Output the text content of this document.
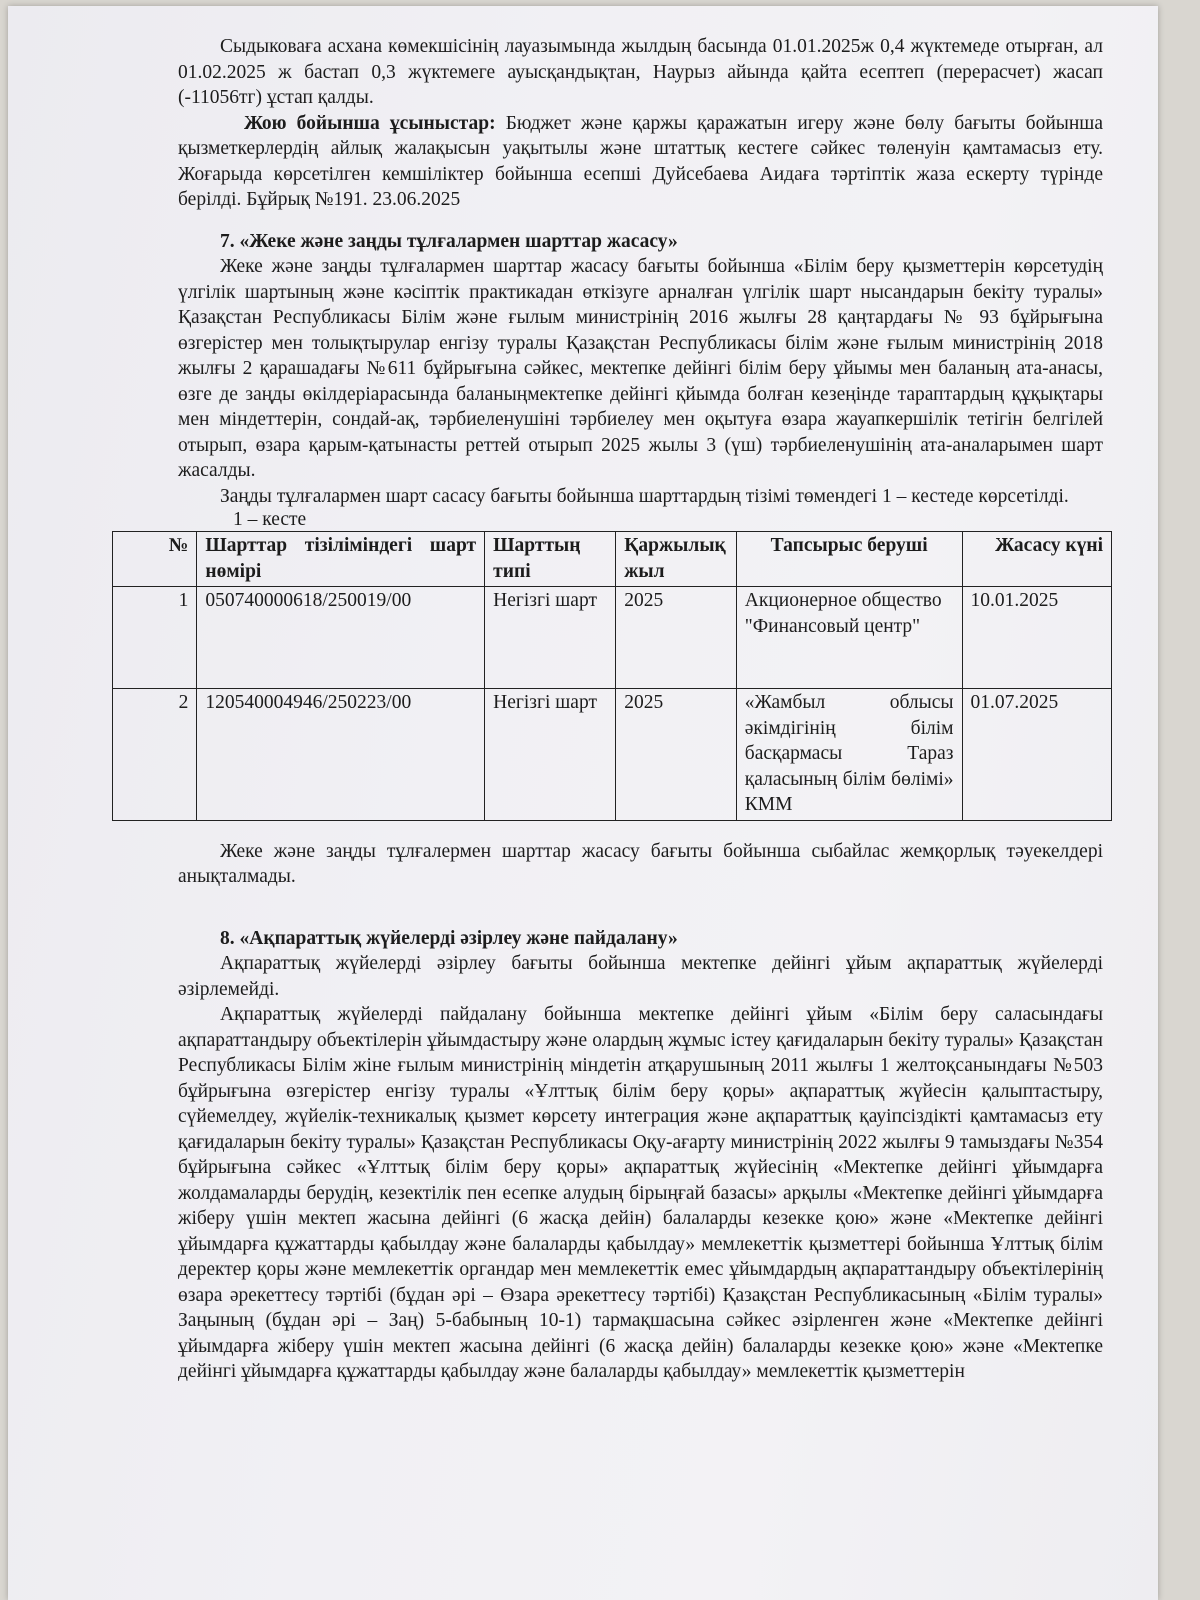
Сыдыковаға асхана көмекшісінің лауазымында жылдың басында 01.01.2025ж 0,4 жүктемеде отырған, ал 01.02.2025 ж бастап 0,3 жүктемеге ауысқандықтан, Наурыз айында қайта есептеп (перерасчет) жасап (-11056тг) ұстап қалды.

Жою бойынша ұсыныстар: Бюджет және қаржы қаражатын игеру және бөлу бағыты бойынша қызметкерлердің айлық жалақысын уақытылы және штаттық кестеге сәйкес төленуін қамтамасыз ету. Жоғарыда көрсетілген кемшіліктер бойынша есепші Дуйсебаева Аидаға тәртіптік жаза ескерту түрінде берілді. Бұйрық №191. 23.06.2025

7. «Жеке және заңды тұлғалармен шарттар жасасу»

Жеке және заңды тұлғалармен шарттар жасасу бағыты бойынша «Білім беру қызметтерін көрсетудің үлгілік шартының және кәсіптік практикадан өткізуге арналған үлгілік шарт нысандарын бекіту туралы» Қазақстан Республикасы Білім және ғылым министрінің 2016 жылғы 28 қаңтардағы № 93 бұйрығына өзгерістер мен толықтырулар енгізу туралы Қазақстан Республикасы білім және ғылым министрінің 2018 жылғы 2 қарашадағы №611 бұйрығына сәйкес, мектепке дейінгі білім беру ұйымы мен баланың ата-анасы, өзге де заңды өкілдеріарасында баланыңмектепке дейінгі қйымда болған кезеңінде тараптардың құқықтары мен міндеттерін, сондай-ақ, тәрбиеленушіні тәрбиелеу мен оқытуға өзара жауапкершілік тетігін белгілей отырып, өзара қарым-қатынасты реттей отырып 2025 жылы 3 (үш) тәрбиеленушінің ата-аналарымен шарт жасалды.

Заңды тұлғалармен шарт сасасу бағыты бойынша шарттардың тізімі төмендегі 1 – кестеде көрсетілді.

1 – кесте

№	Шарттар тізіліміндегі шарт нөмірі	Шарттың типі	Қаржылық жыл	Тапсырыс беруші	Жасасу күні
1	050740000618/250019/00	Негізгі шарт	2025	Акционерное общество "Финансовый центр"	10.01.2025
2	120540004946/250223/00	Негізгі шарт	2025	«Жамбыл облысы әкімдігінің білім басқармасы Тараз қаласының білім бөлімі» КММ	01.07.2025

Жеке және заңды тұлғалермен шарттар жасасу бағыты бойынша сыбайлас жемқорлық тәуекелдері анықталмады.

8. «Ақпараттық жүйелерді әзірлеу және пайдалану»

Ақпараттық жүйелерді әзірлеу бағыты бойынша мектепке дейінгі ұйым ақпараттық жүйелерді әзірлемейді.

Ақпараттық жүйелерді пайдалану бойынша мектепке дейінгі ұйым «Білім беру саласындағы ақпараттандыру объектілерін ұйымдастыру және олардың жұмыс істеу қағидаларын бекіту туралы» Қазақстан Республикасы Білім жіне ғылым министрінің міндетін атқарушының 2011 жылғы 1 желтоқсанындағы №503 бұйрығына өзгерістер енгізу туралы «Ұлттық білім беру қоры» ақпараттық жүйесін қалыптастыру, сүйемелдеу, жүйелік-техникалық қызмет көрсету интеграция және ақпараттық қауіпсіздікті қамтамасыз ету қағидаларын бекіту туралы» Қазақстан Республикасы Оқу-ағарту министрінің 2022 жылғы 9 тамыздағы №354 бұйрығына сәйкес «Ұлттық білім беру қоры» ақпараттық жүйесінің «Мектепке дейінгі ұйымдарға жолдамаларды берудің, кезектілік пен есепке алудың бірыңғай базасы» арқылы «Мектепке дейінгі ұйымдарға жіберу үшін мектеп жасына дейінгі (6 жасқа дейін) балаларды кезекке қою» және «Мектепке дейінгі ұйымдарға құжаттарды қабылдау және балаларды қабылдау» мемлекеттік қызметтері бойынша Ұлттық білім деректер қоры және мемлекеттік органдар мен мемлекеттік емес ұйымдардың ақпараттандыру объектілерінің өзара әрекеттесу тәртібі (бұдан әрі – Өзара әрекеттесу тәртібі) Қазақстан Республикасының «Білім туралы» Заңының (бұдан әрі – Заң) 5-бабының 10-1) тармақшасына сәйкес әзірленген және «Мектепке дейінгі ұйымдарға жіберу үшін мектеп жасына дейінгі (6 жасқа дейін) балаларды кезекке қою» және «Мектепке дейінгі ұйымдарға құжаттарды қабылдау және балаларды қабылдау» мемлекеттік қызметтерін
